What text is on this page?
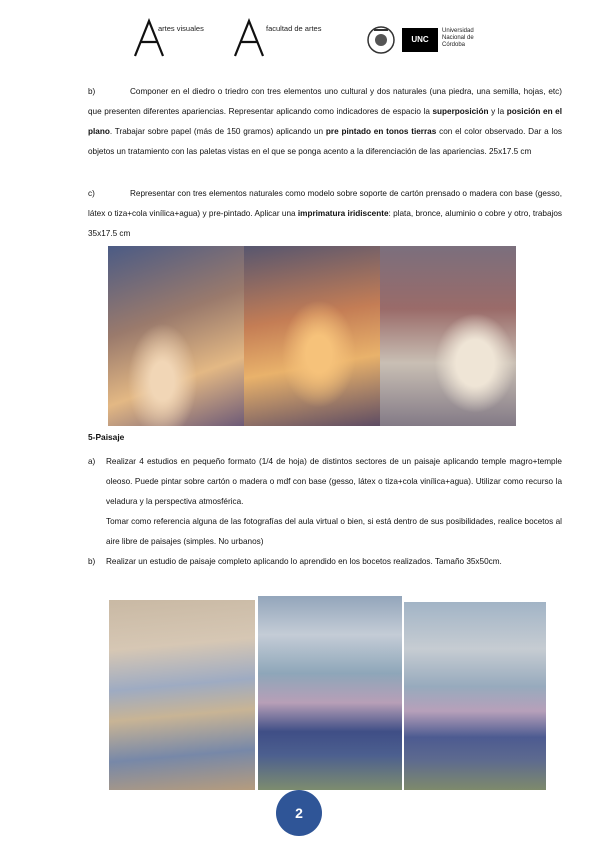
artes visuales	facultad de artes
UNC
Universidad Nacional de Córdoba

b)	Componer en el diedro o triedro con tres elementos uno cultural y dos naturales (una piedra, una semilla, hojas, etc) que presenten diferentes apariencias. Representar aplicando como indicadores de espacio la superposición y la posición en el plano. Trabajar sobre papel (más de 150 gramos) aplicando un pre pintado en tonos tierras con el color observado. Dar a los objetos un tratamiento con las paletas vistas en el que se ponga acento a la diferenciación de las apariencias. 25x17.5 cm

c)	Representar con tres elementos naturales como modelo sobre soporte de cartón prensado o madera con base (gesso, látex o tiza+cola vinílica+agua) y pre-pintado. Aplicar una imprimatura iridiscente: plata, bronce, aluminio o cobre y otro, trabajos 35x17.5 cm

5-Paisaje

a) Realizar 4 estudios en pequeño formato (1/4 de hoja) de distintos sectores de un paisaje aplicando temple magro+temple oleoso. Puede pintar sobre cartón o madera o mdf con base (gesso, látex o tiza+cola vinílica+agua). Utilizar como recurso la veladura y la perspectiva atmosférica.

Tomar como referencia alguna de las fotografías del aula virtual o bien, si está dentro de sus posibilidades, realice bocetos al aire libre de paisajes (simples. No urbanos)

b) Realizar un estudio de paisaje completo aplicando lo aprendido en los bocetos realizados. Tamaño 35x50cm.

2
